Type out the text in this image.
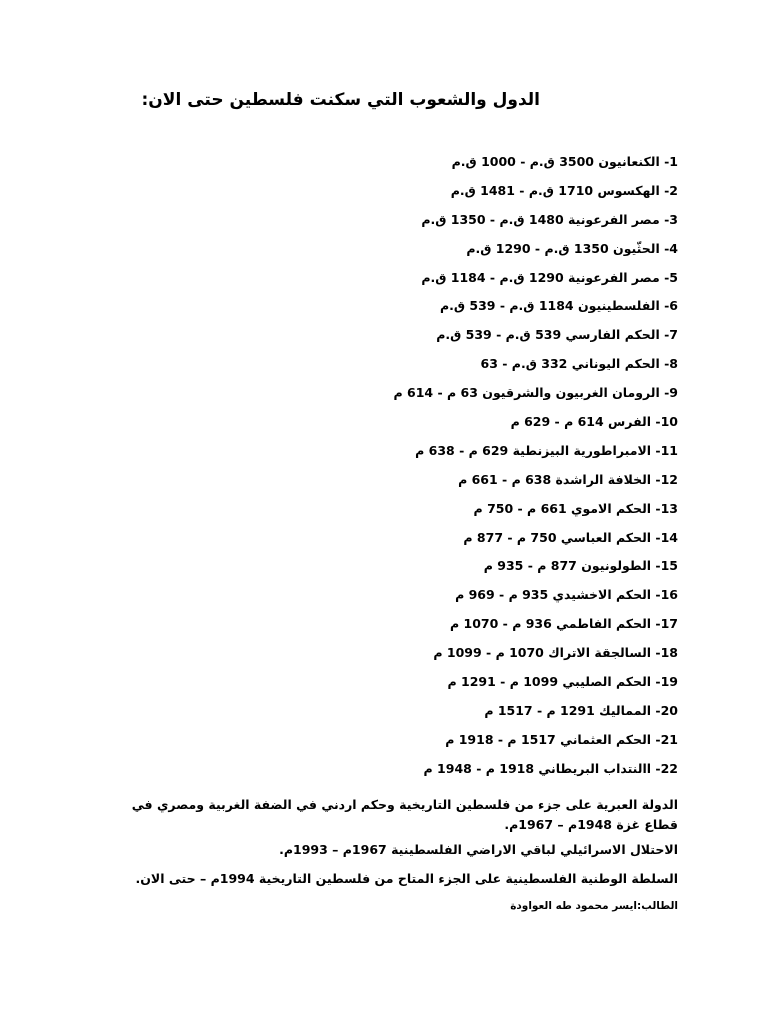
الدول والشعوب التي سكنت فلسطين حتى الان:
1- الكنعانيون 3500 ق.م - 1000 ق.م
2- الهكسوس 1710 ق.م - 1481 ق.م
3- مصر الفرعونية 1480 ق.م - 1350 ق.م
4- الحثّيون 1350 ق.م - 1290 ق.م
5- مصر الفرعونية 1290 ق.م - 1184 ق.م
6- الفلسطينيون 1184 ق.م - 539 ق.م
7- الحكم الفارسي 539 ق.م - 539 ق.م
8- الحكم اليوناني 332 ق.م - 63
9- الرومان الغربيون والشرقيون 63 م - 614 م
10- الفرس 614 م - 629 م
11- الامبراطورية البيزنطية 629 م - 638 م
12- الخلافة الراشدة 638 م - 661 م
13- الحكم الاموي 661 م - 750 م
14- الحكم العباسي 750 م - 877 م
15- الطولونيون 877 م - 935 م
16- الحكم الاخشيدي 935 م - 969 م
17- الحكم الفاطمي 936 م - 1070 م
18- السالجقة الاتراك 1070 م - 1099 م
19- الحكم الصليبي 1099 م - 1291 م
20- المماليك 1291 م - 1517 م
21- الحكم العثماني 1517 م - 1918 م
22- االنتداب البريطاني 1918 م - 1948 م
الدولة العبرية على جزء من فلسطين التاريخية وحكم اردني في الضفة الغربية ومصري في قطاع غزة 1948م – 1967م.
الاحتلال الاسرائيلي لباقي الاراضي الفلسطينية 1967م – 1993م.
السلطة الوطنية الفلسطينية على الجزء المتاح من فلسطين التاريخية 1994م – حتى الان.
الطالب:ايسر محمود طه العواودة
